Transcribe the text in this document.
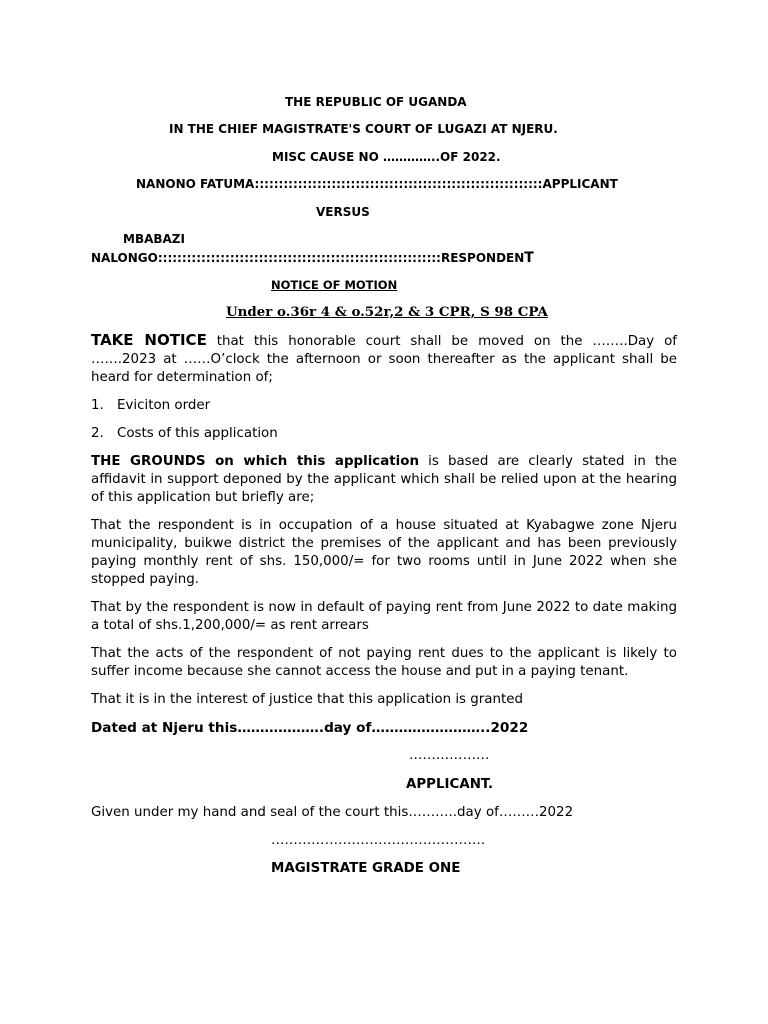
THE REPUBLIC OF UGANDA
IN THE CHIEF MAGISTRATE'S COURT OF LUGAZI AT NJERU.
MISC CAUSE NO …………..OF 2022.
NANONO FATUMA::::::::::::::::::::::::::::::::::::::::::::::::::::::::::::APPLICANT
VERSUS
MBABAZI
NALONGO:::::::::::::::::::::::::::::::::::::::::::::::::::::::::::RESPONDENT
NOTICE OF MOTION
Under o.36r 4 & o.52r,2 & 3 CPR, S 98 CPA
TAKE NOTICE that this honorable court shall be moved on the ……..Day of …….2023 at ……O’clock the afternoon or soon thereafter as the applicant shall be heard for determination of;
1. Eviciton order
2. Costs of this application
THE GROUNDS on which this application is based are clearly stated in the affidavit in support deponed by the applicant which shall be relied upon at the hearing of this application but briefly are;
That the respondent is in occupation of a house situated at Kyabagwe zone Njeru municipality, buikwe district the premises of the applicant and has been previously paying monthly rent of shs. 150,000/= for two rooms until in June 2022 when she stopped paying.
That by the respondent is now in default of paying rent from June 2022 to date making a total of shs.1,200,000/= as rent arrears
That the acts of the respondent of not paying rent dues to the applicant is likely to suffer income because she cannot access the house and put in a paying tenant.
That it is in the interest of justice that this application is granted
Dated at Njeru this……………….day of……………………..2022
………………
APPLICANT.
Given under my hand and seal of the court this………..day of………2022
…………………………………………
MAGISTRATE GRADE ONE
